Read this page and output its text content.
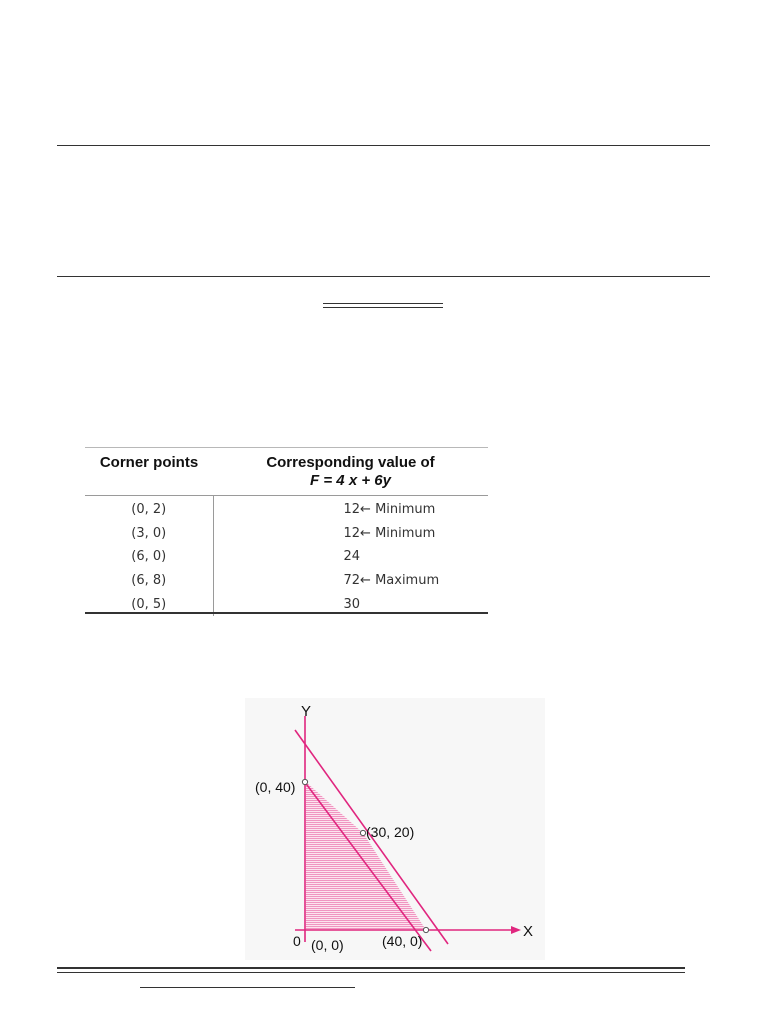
Corner points	Corresponding value of
F = 4 x + 6y
(0, 2)	12← Minimum
(3, 0)	12← Minimum
(6, 0)	24
(6, 8)	72← Maximum
(0, 5)	30
Y
X
0
(0, 40)
(30, 20)
(0, 0)	(40, 0)
